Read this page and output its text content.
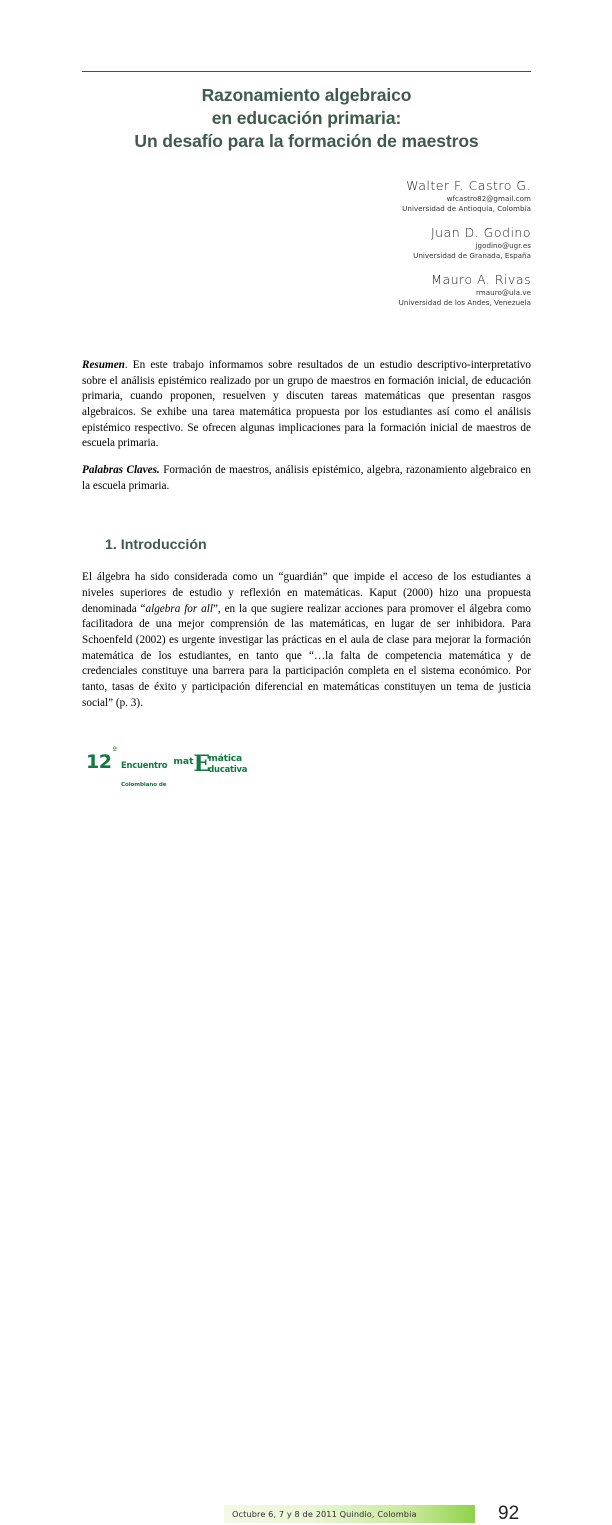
Razonamiento algebraico
en educación primaria:
Un desafío para la formación de maestros
Walter F. Castro G.
wfcastro82@gmail.com
Universidad de Antioquia, Colombia
Juan D. Godino
jgodino@ugr.es
Universidad de Granada, España
Mauro A. Rivas
rmauro@ula.ve
Universidad de los Andes, Venezuela

Resumen. En este trabajo informamos sobre resultados de un estudio descriptivo-interpretativo sobre el análisis epistémico realizado por un grupo de maestros en formación inicial, de educación primaria, cuando proponen, resuelven y discuten tareas matemáticas que presentan rasgos algebraicos. Se exhibe una tarea matemática propuesta por los estudiantes así como el análisis epistémico respectivo. Se ofrecen algunas implicaciones para la formación inicial de maestros de escuela primaria.

Palabras Claves. Formación de maestros, análisis epistémico, algebra, razonamiento algebraico en la escuela primaria.

1. Introducción

El álgebra ha sido considerada como un “guardián” que impide el acceso de los estudiantes a niveles superiores de estudio y reflexión en matemáticas. Kaput (2000) hizo una propuesta denominada “algebra for all”, en la que sugiere realizar acciones para promover el álgebra como facilitadora de una mejor comprensión de las matemáticas, en lugar de ser inhibidora. Para Schoenfeld (2002) es urgente investigar las prácticas en el aula de clase para mejorar la formación matemática de los estudiantes, en tanto que “…la falta de competencia matemática y de credenciales constituye una barrera para la participación completa en el sistema económico. Por tanto, tasas de éxito y participación diferencial en matemáticas constituyen un tema de justicia social” (p. 3).

12
º
Encuentro
Colombiano de
mat E
mática
ducativa
Octubre 6, 7 y 8 de 2011 Quindio, Colombia	92
